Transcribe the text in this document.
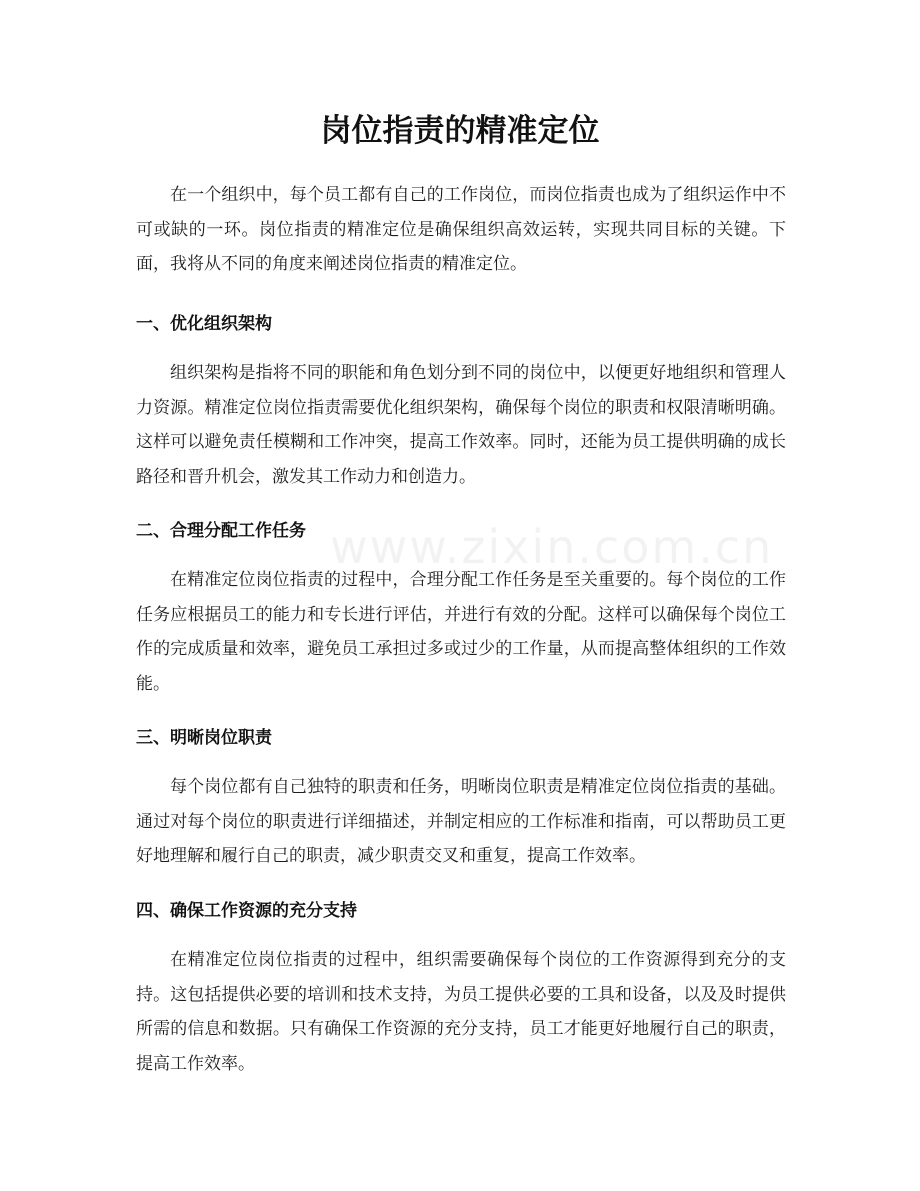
www.zixin.com.cn
岗位指责的精准定位

在一个组织中，每个员工都有自己的工作岗位，而岗位指责也成为了组织运作中不可或缺的一环。岗位指责的精准定位是确保组织高效运转，实现共同目标的关键。下面，我将从不同的角度来阐述岗位指责的精准定位。

一、优化组织架构

组织架构是指将不同的职能和角色划分到不同的岗位中，以便更好地组织和管理人力资源。精准定位岗位指责需要优化组织架构，确保每个岗位的职责和权限清晰明确。这样可以避免责任模糊和工作冲突，提高工作效率。同时，还能为员工提供明确的成长路径和晋升机会，激发其工作动力和创造力。

二、合理分配工作任务

在精准定位岗位指责的过程中，合理分配工作任务是至关重要的。每个岗位的工作任务应根据员工的能力和专长进行评估，并进行有效的分配。这样可以确保每个岗位工作的完成质量和效率，避免员工承担过多或过少的工作量，从而提高整体组织的工作效能。

三、明晰岗位职责

每个岗位都有自己独特的职责和任务，明晰岗位职责是精准定位岗位指责的基础。通过对每个岗位的职责进行详细描述，并制定相应的工作标准和指南，可以帮助员工更好地理解和履行自己的职责，减少职责交叉和重复，提高工作效率。

四、确保工作资源的充分支持

在精准定位岗位指责的过程中，组织需要确保每个岗位的工作资源得到充分的支持。这包括提供必要的培训和技术支持，为员工提供必要的工具和设备，以及及时提供所需的信息和数据。只有确保工作资源的充分支持，员工才能更好地履行自己的职责，提高工作效率。
